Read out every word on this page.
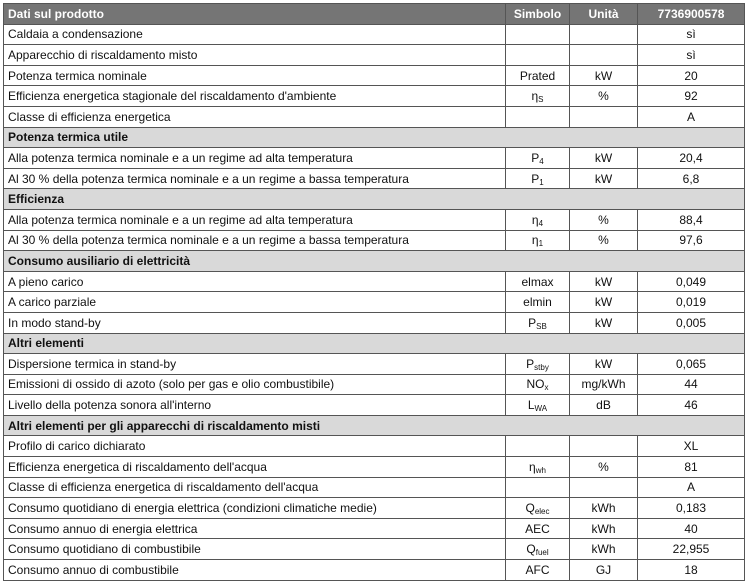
Dati sul prodotto	Simbolo	Unità	7736900578
Caldaia a condensazione			sì
Apparecchio di riscaldamento misto			sì
Potenza termica nominale	Prated	kW	20
Efficienza energetica stagionale del riscaldamento d'ambiente	$\eta_S$	%	92
Classe di efficienza energetica			A
Potenza termica utile			
Alla potenza termica nominale e a un regime ad alta temperatura	$P_4$	kW	20,4
Al 30 % della potenza termica nominale e a un regime a bassa temperatura	$P_1$	kW	6,8
Efficienza			
Alla potenza termica nominale e a un regime ad alta temperatura	$\eta_4$	%	88,4
Al 30 % della potenza termica nominale e a un regime a bassa temperatura	$\eta_1$	%	97,6
Consumo ausiliario di elettricità			
A pieno carico	elmax	kW	0,049
A carico parziale	elmin	kW	0,019
In modo stand-by	$P_{SB}$	kW	0,005
Altri elementi			
Dispersione termica in stand-by	$P_{stby}$	kW	0,065
Emissioni di ossido di azoto (solo per gas e olio combustibile)	$NO_x$	mg/kWh	44
Livello della potenza sonora all'interno	$L_{WA}$	dB	46
Altri elementi per gli apparecchi di riscaldamento misti			
Profilo di carico dichiarato			XL
Efficienza energetica di riscaldamento dell'acqua	$\eta_{wh}$	%	81
Classe di efficienza energetica di riscaldamento dell'acqua			A
Consumo quotidiano di energia elettrica (condizioni climatiche medie)	$Q_{elec}$	kWh	0,183
Consumo annuo di energia elettrica	AEC	kWh	40
Consumo quotidiano di combustibile	$Q_{fuel}$	kWh	22,955
Consumo annuo di combustibile	AFC	GJ	18
